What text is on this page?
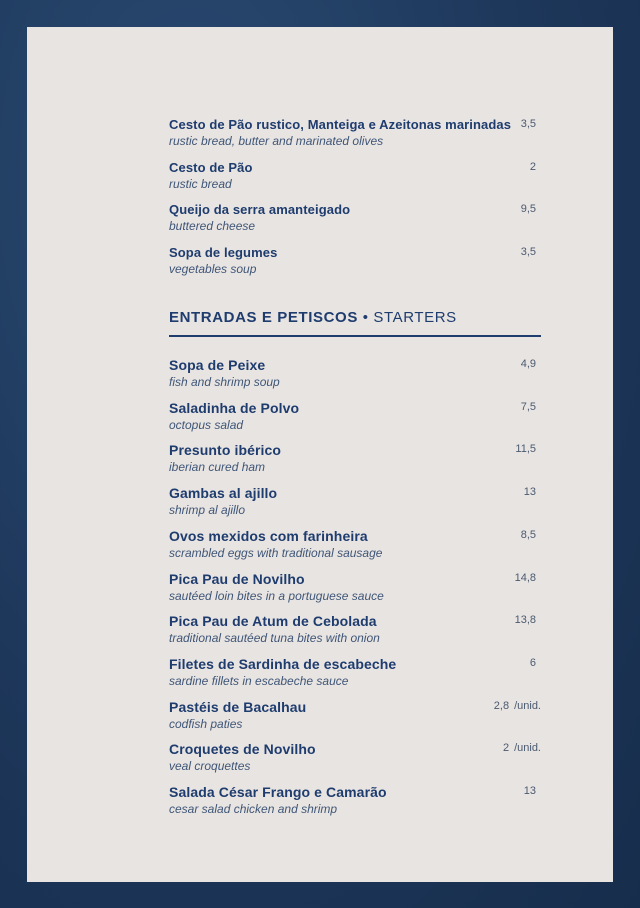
Cesto de Pão rustico, Manteiga e Azeitonas marinadas
rustic bread, butter and marinated olives
3,5
Cesto de Pão
rustic bread
2
Queijo da serra amanteigado
buttered cheese
9,5
Sopa de legumes
vegetables soup
3,5
ENTRADAS E PETISCOS • STARTERS
Sopa de Peixe
fish and shrimp soup
4,9
Saladinha de Polvo
octopus salad
7,5
Presunto ibérico
iberian cured ham
11,5
Gambas al ajillo
shrimp al ajillo
13
Ovos mexidos com farinheira
scrambled eggs with traditional sausage
8,5
Pica Pau de Novilho
sautéed loin bites in a portuguese sauce
14,8
Pica Pau de Atum de Cebolada
traditional sautéed tuna bites with onion
13,8
Filetes de Sardinha de escabeche
sardine fillets in escabeche sauce
6
Pastéis de Bacalhau
codfish paties
2,8 /unid.
Croquetes de Novilho
veal croquettes
2 /unid.
Salada César Frango e Camarão
cesar salad chicken and shrimp
13
